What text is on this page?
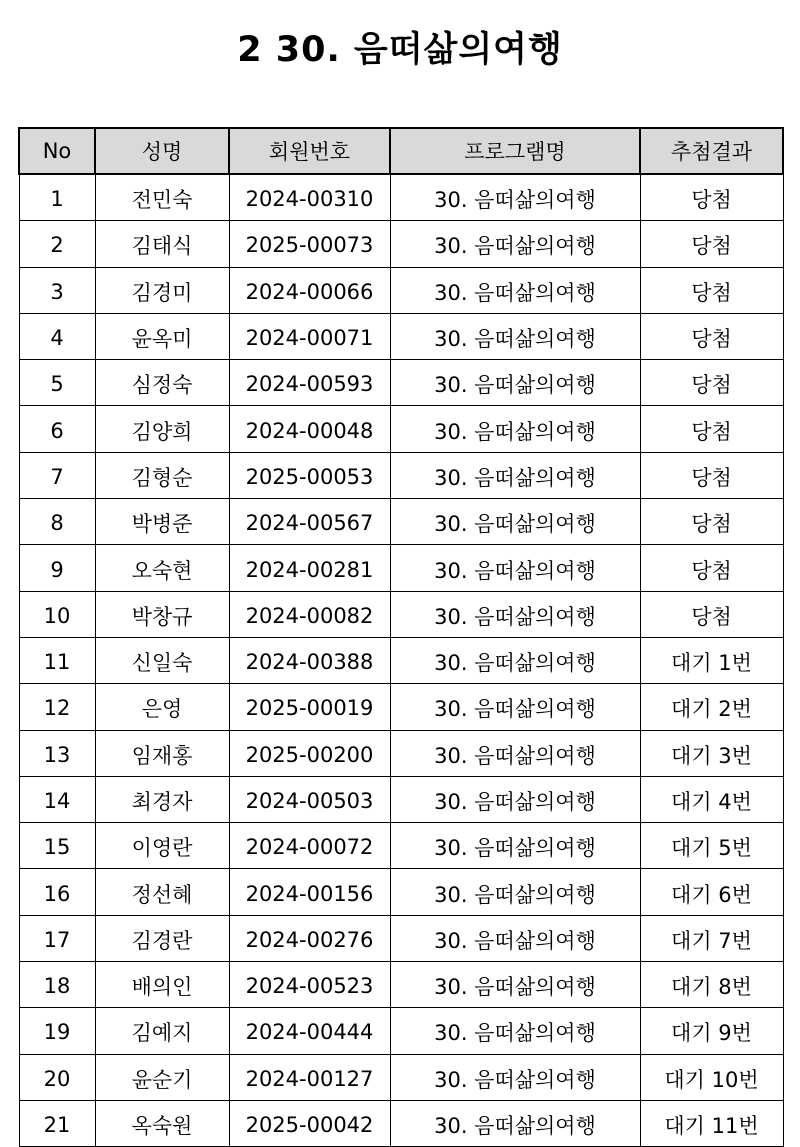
2 30. 음떠삶의여행
No	성명	회원번호	프로그램명	추첨결과
1	전민숙	2024-00310	30. 음떠삶의여행	당첨
2	김태식	2025-00073	30. 음떠삶의여행	당첨
3	김경미	2024-00066	30. 음떠삶의여행	당첨
4	윤옥미	2024-00071	30. 음떠삶의여행	당첨
5	심정숙	2024-00593	30. 음떠삶의여행	당첨
6	김양희	2024-00048	30. 음떠삶의여행	당첨
7	김형순	2025-00053	30. 음떠삶의여행	당첨
8	박병준	2024-00567	30. 음떠삶의여행	당첨
9	오숙현	2024-00281	30. 음떠삶의여행	당첨
10	박창규	2024-00082	30. 음떠삶의여행	당첨
11	신일숙	2024-00388	30. 음떠삶의여행	대기 1번
12	은영	2025-00019	30. 음떠삶의여행	대기 2번
13	임재홍	2025-00200	30. 음떠삶의여행	대기 3번
14	최경자	2024-00503	30. 음떠삶의여행	대기 4번
15	이영란	2024-00072	30. 음떠삶의여행	대기 5번
16	정선혜	2024-00156	30. 음떠삶의여행	대기 6번
17	김경란	2024-00276	30. 음떠삶의여행	대기 7번
18	배의인	2024-00523	30. 음떠삶의여행	대기 8번
19	김예지	2024-00444	30. 음떠삶의여행	대기 9번
20	윤순기	2024-00127	30. 음떠삶의여행	대기 10번
21	옥숙원	2025-00042	30. 음떠삶의여행	대기 11번
